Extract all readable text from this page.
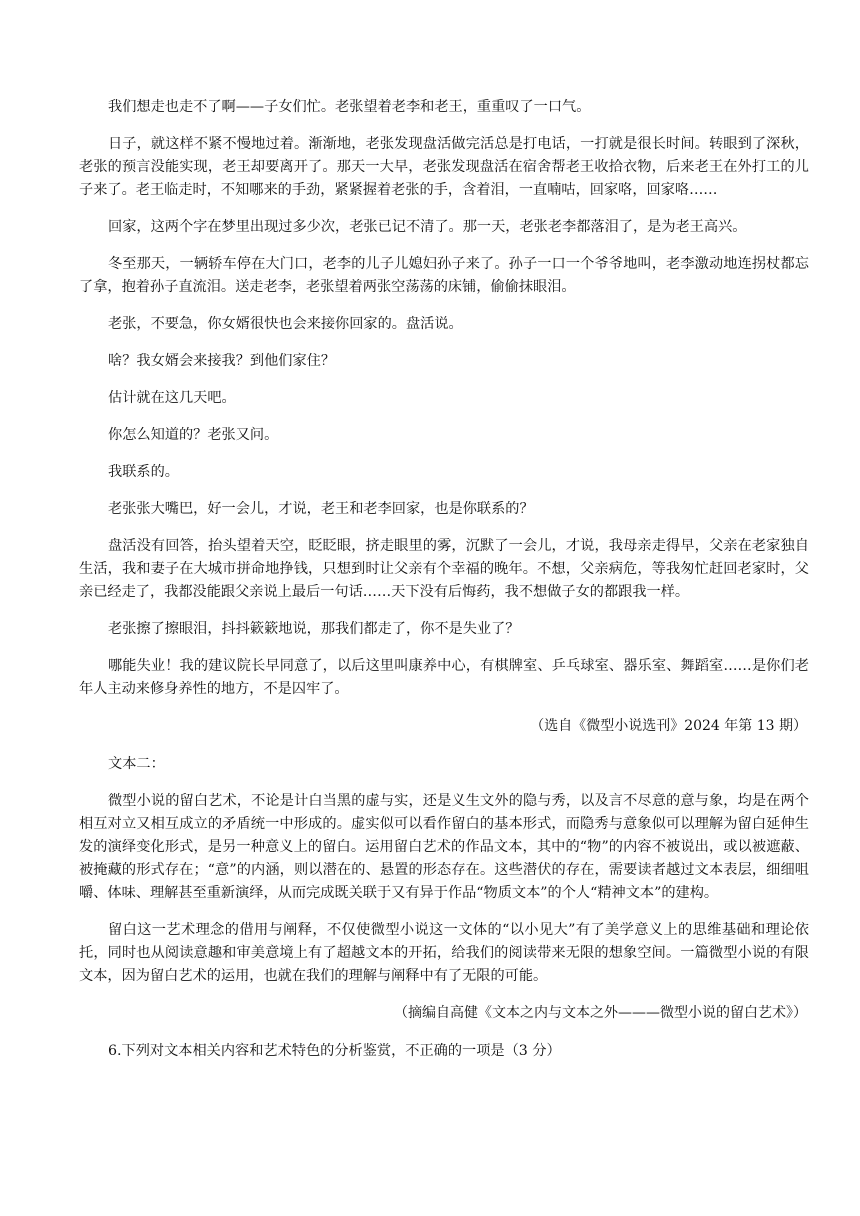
我们想走也走不了啊——子女们忙。老张望着老李和老王，重重叹了一口气。

日子，就这样不紧不慢地过着。渐渐地，老张发现盘活做完活总是打电话，一打就是很长时间。转眼到了深秋，老张的预言没能实现，老王却要离开了。那天一大早，老张发现盘活在宿舍帮老王收拾衣物，后来老王在外打工的儿子来了。老王临走时，不知哪来的手劲，紧紧握着老张的手，含着泪，一直喃咕，回家咯，回家咯……

回家，这两个字在梦里出现过多少次，老张已记不清了。那一天，老张老李都落泪了，是为老王高兴。

冬至那天，一辆轿车停在大门口，老李的儿子儿媳妇孙子来了。孙子一口一个爷爷地叫，老李激动地连拐杖都忘了拿，抱着孙子直流泪。送走老李，老张望着两张空荡荡的床铺，偷偷抹眼泪。

老张，不要急，你女婿很快也会来接你回家的。盘活说。

啥？我女婿会来接我？到他们家住？

估计就在这几天吧。

你怎么知道的？老张又问。

我联系的。

老张张大嘴巴，好一会儿，才说，老王和老李回家，也是你联系的？

盘活没有回答，抬头望着天空，眨眨眼，挤走眼里的雾，沉默了一会儿，才说，我母亲走得早，父亲在老家独自生活，我和妻子在大城市拼命地挣钱，只想到时让父亲有个幸福的晚年。不想，父亲病危，等我匆忙赶回老家时，父亲已经走了，我都没能跟父亲说上最后一句话……天下没有后悔药，我不想做子女的都跟我一样。

老张擦了擦眼泪，抖抖簌簌地说，那我们都走了，你不是失业了？

哪能失业！我的建议院长早同意了，以后这里叫康养中心，有棋牌室、乒乓球室、器乐室、舞蹈室……是你们老年人主动来修身养性的地方，不是囚牢了。

（选自《微型小说选刊》2024 年第 13 期）

文本二：

微型小说的留白艺术，不论是计白当黑的虚与实，还是义生文外的隐与秀，以及言不尽意的意与象，均是在两个相互对立又相互成立的矛盾统一中形成的。虚实似可以看作留白的基本形式，而隐秀与意象似可以理解为留白延伸生发的演绎变化形式，是另一种意义上的留白。运用留白艺术的作品文本，其中的“物”的内容不被说出，或以被遮蔽、被掩藏的形式存在；“意”的内涵，则以潜在的、悬置的形态存在。这些潜伏的存在，需要读者越过文本表层，细细咀嚼、体味、理解甚至重新演绎，从而完成既关联于又有异于作品“物质文本”的个人“精神文本”的建构。

留白这一艺术理念的借用与阐释，不仅使微型小说这一文体的“以小见大”有了美学意义上的思维基础和理论依托，同时也从阅读意趣和审美意境上有了超越文本的开拓，给我们的阅读带来无限的想象空间。一篇微型小说的有限文本，因为留白艺术的运用，也就在我们的理解与阐释中有了无限的可能。

（摘编自高健《文本之内与文本之外———微型小说的留白艺术》）

6.下列对文本相关内容和艺术特色的分析鉴赏，不正确的一项是（3 分）
